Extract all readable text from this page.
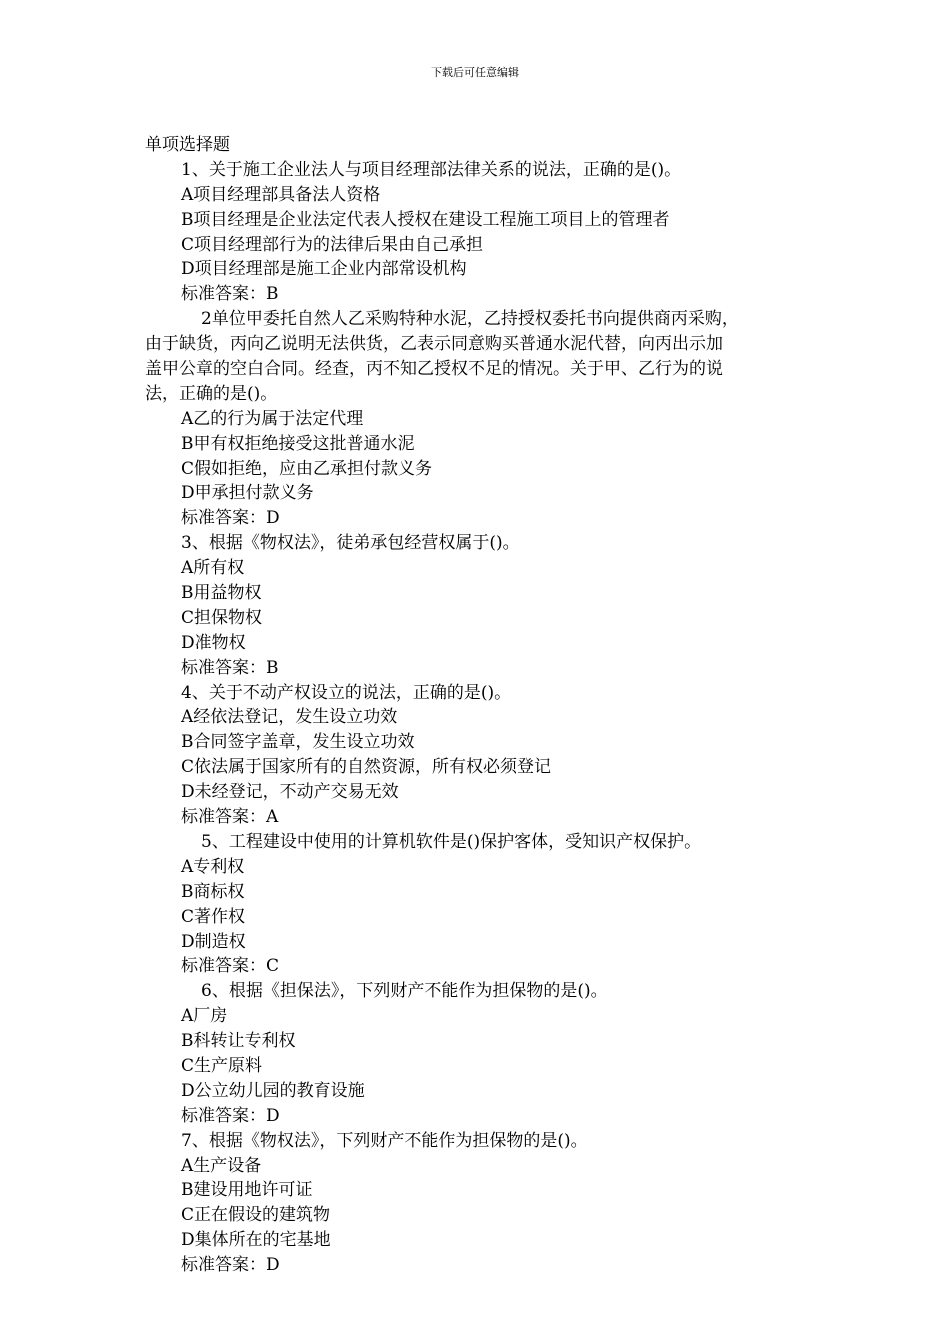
下载后可任意编辑
单项选择题
1、关于施工企业法人与项目经理部法律关系的说法，正确的是()。
A项目经理部具备法人资格
B项目经理是企业法定代表人授权在建设工程施工项目上的管理者
C项目经理部行为的法律后果由自己承担
D项目经理部是施工企业内部常设机构
标准答案：B
2单位甲委托自然人乙采购特种水泥，乙持授权委托书向提供商丙采购，
由于缺货，丙向乙说明无法供货，乙表示同意购买普通水泥代替，向丙出示加
盖甲公章的空白合同。经查，丙不知乙授权不足的情况。关于甲、乙行为的说
法，正确的是()。
A乙的行为属于法定代理
B甲有权拒绝接受这批普通水泥
C假如拒绝，应由乙承担付款义务
D甲承担付款义务
标准答案：D
3、根据《物权法》，徒弟承包经营权属于()。
A所有权
B用益物权
C担保物权
D准物权
标准答案：B
4、关于不动产权设立的说法，正确的是()。
A经依法登记，发生设立功效
B合同签字盖章，发生设立功效
C依法属于国家所有的自然资源，所有权必须登记
D未经登记，不动产交易无效
标准答案：A
5、工程建设中使用的计算机软件是()保护客体，受知识产权保护。
A专利权
B商标权
C著作权
D制造权
标准答案：C
6、根据《担保法》，下列财产不能作为担保物的是()。
A厂房
B科转让专利权
C生产原料
D公立幼儿园的教育设施
标准答案：D
7、根据《物权法》，下列财产不能作为担保物的是()。
A生产设备
B建设用地许可证
C正在假设的建筑物
D集体所在的宅基地
标准答案：D
